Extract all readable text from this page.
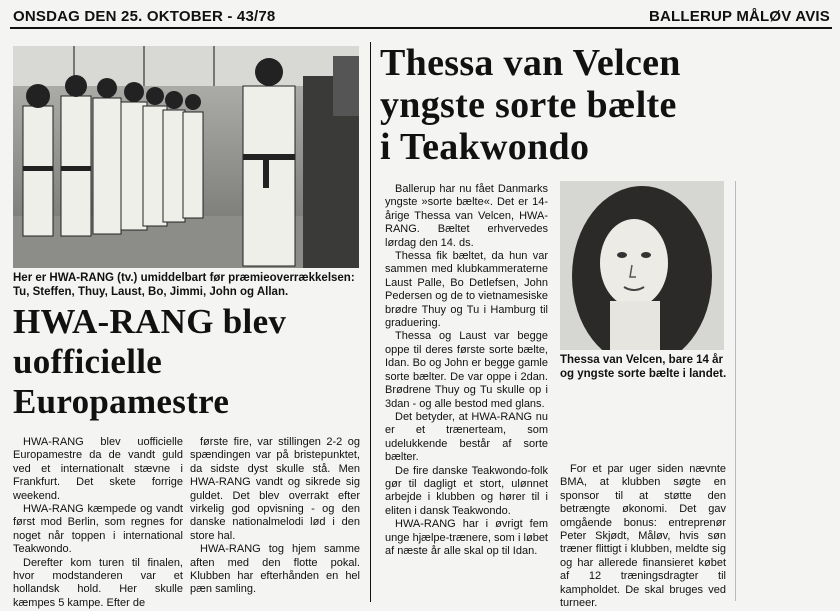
ONSDAG DEN 25. OKTOBER - 43/78	BALLERUP MÅLØV AVIS
Her er HWA-RANG (tv.) umiddelbart før præmieoverrækkelsen: Tu, Steffen, Thuy, Laust, Bo, Jimmi, John og Allan.
HWA-RANG blev
uofficielle
Europamestre

HWA-RANG blev uofficielle Europamestre da de vandt guld ved et internationalt stævne i Frankfurt. Det skete forrige weekend.

HWA-RANG kæmpede og vandt først mod Berlin, som regnes for noget når toppen i international Teakwondo.

Derefter kom turen til finalen, hvor modstanderen var et hollandsk hold. Her skulle kæmpes 5 kampe. Efter de

første fire, var stillingen 2-2 og spændingen var på bristepunktet, da sidste dyst skulle stå. Men HWA-RANG vandt og sikrede sig guldet. Det blev overrakt efter virkelig god opvisning - og den danske nationalmelodi lød i den store hal.

HWA-RANG tog hjem samme aften med den flotte pokal. Klubben har efterhånden en hel pæn samling.

Thessa van Velcen
yngste sorte bælte
i Teakwondo

Ballerup har nu fået Danmarks yngste »sorte bælte«. Det er 14-årige Thessa van Velcen, HWA-RANG. Bæltet erhvervedes lørdag den 14. ds.

Thessa fik bæltet, da hun var sammen med klubkammeraterne Laust Palle, Bo Detlefsen, John Pedersen og de to vietnamesiske brødre Thuy og Tu i Hamburg til graduering.

Thessa og Laust var begge oppe til deres første sorte bælte, Idan. Bo og John er begge gamle sorte bælter. De var oppe i 2dan. Brødrene Thuy og Tu skulle op i 3dan - og alle bestod med glans.

Det betyder, at HWA-RANG nu er et trænerteam, som udelukkende består af sorte bælter.

De fire danske Teakwondo-folk gør til dagligt et stort, ulønnet arbejde i klubben og hører til i eliten i dansk Teakwondo.

HWA-RANG har i øvrigt fem unge hjælpe-trænere, som i løbet af næste år alle skal op til Idan.

Thessa van Velcen, bare 14 år og yngste sorte bælte i landet.

For et par uger siden nævnte BMA, at klubben søgte en sponsor til at støtte den betrængte økonomi. Det gav omgående bonus: entreprenør Peter Skjødt, Måløv, hvis søn træner flittigt i klubben, meldte sig og har allerede finansieret købet af 12 træningsdragter til kampholdet. De skal bruges ved turneer.
